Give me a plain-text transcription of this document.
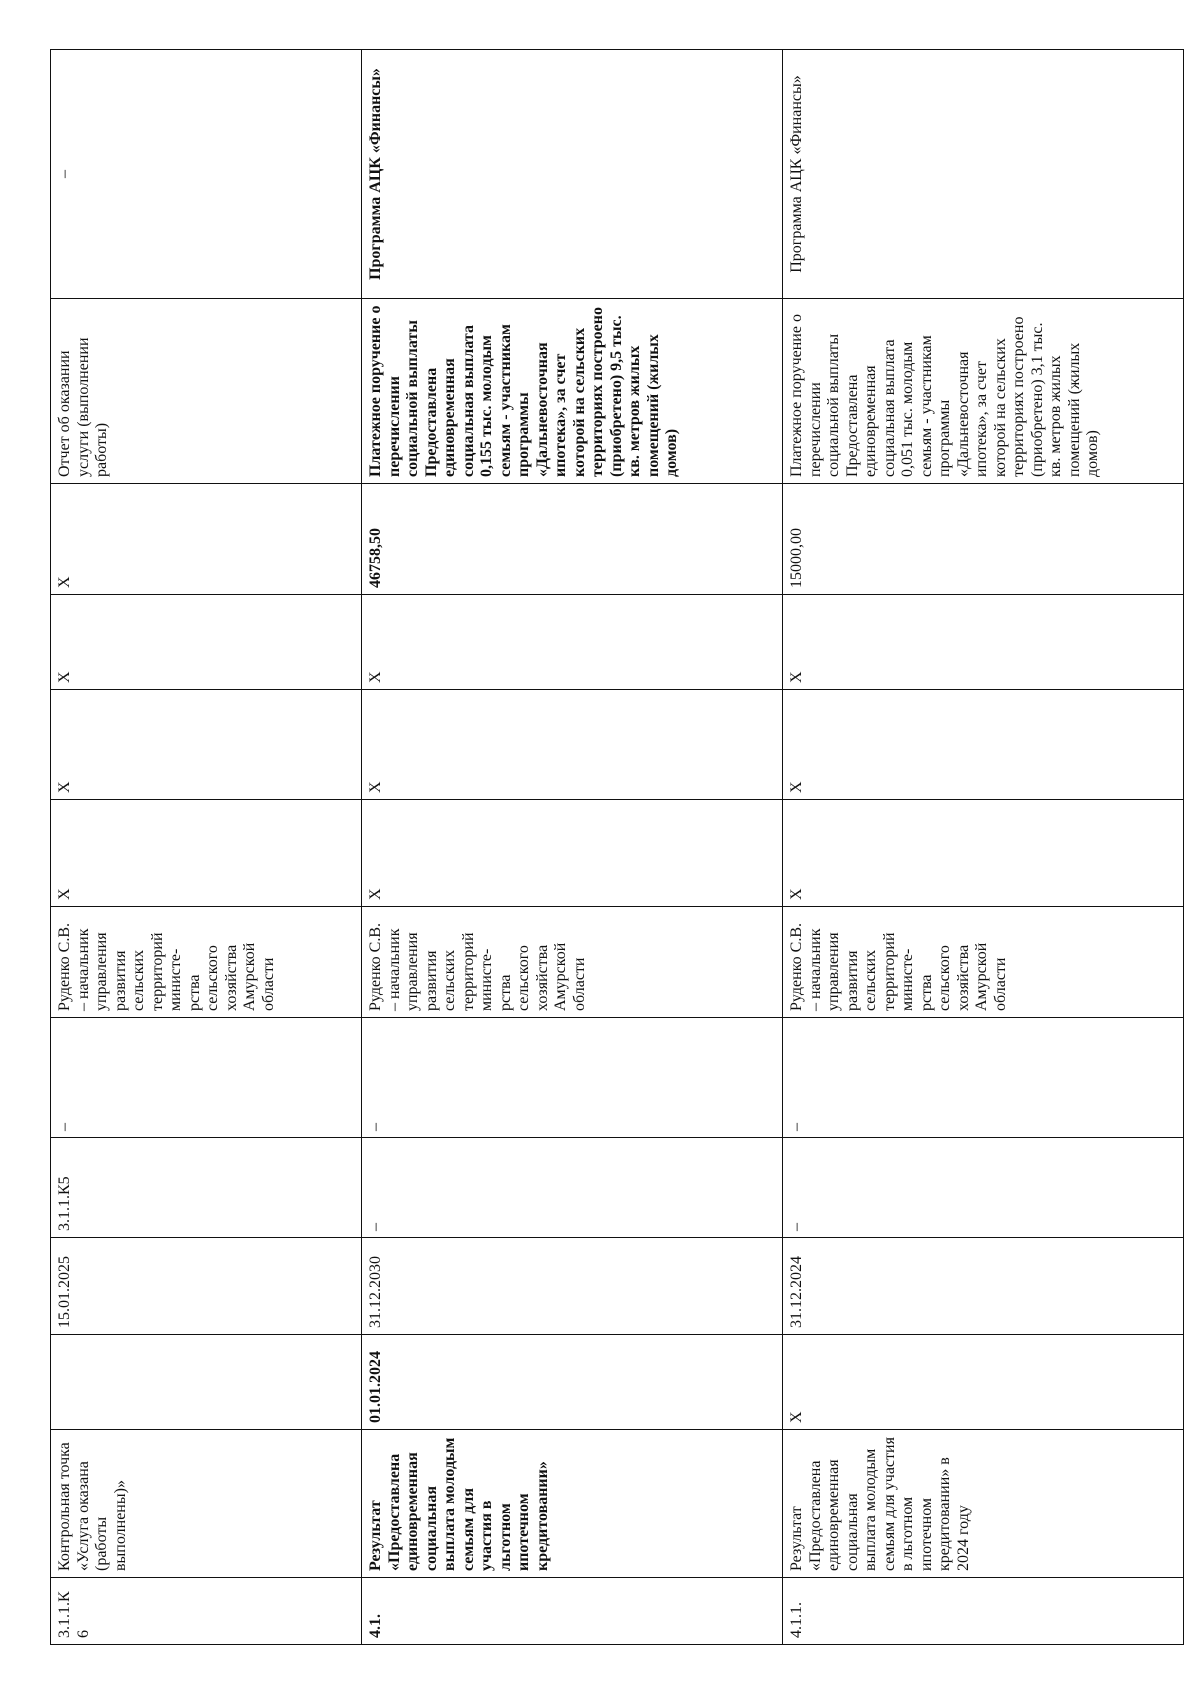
3.1.1.К6	Контрольная точка «Услуга оказана (работы выполнены)»		15.01.2025	3.1.1.К5	–	Руденко С.В. – начальник управления развития сельских территорий министе-рства сельского хозяйства Амурской области	Х	Х	Х	Х	Отчет об оказании услуги (выполнении работы)	–
4.1.	Результат «Предоставлена единовременная социальная выплата молодым семьям для участия в льготном ипотечном кредитовании»	01.01.2024	31.12.2030	–	–	Руденко С.В. – начальник управления развития сельских территорий министе-рства сельского хозяйства Амурской области	Х	Х	Х	46758,50	Платежное поручение о перечислении социальной выплаты Предоставлена единовременная социальная выплата 0,155 тыс. молодым семьям - участникам программы «Дальневосточная ипотека», за счет которой на сельских территориях построено (приобретено) 9,5 тыс. кв. метров жилых помещений (жилых домов)	Программа АЦК «Финансы»
4.1.1.	Результат «Предоставлена единовременная социальная выплата молодым семьям для участия в льготном ипотечном кредитовании» в 2024 году	Х	31.12.2024	–	–	Руденко С.В. – начальник управления развития сельских территорий министе-рства сельского хозяйства Амурской области	Х	Х	Х	15000,00	Платежное поручение о перечислении социальной выплаты Предоставлена единовременная социальная выплата 0,051 тыс. молодым семьям - участникам программы «Дальневосточная ипотека», за счет которой на сельских территориях построено (приобретено) 3,1 тыс. кв. метров жилых помещений (жилых домов)	Программа АЦК «Финансы»
